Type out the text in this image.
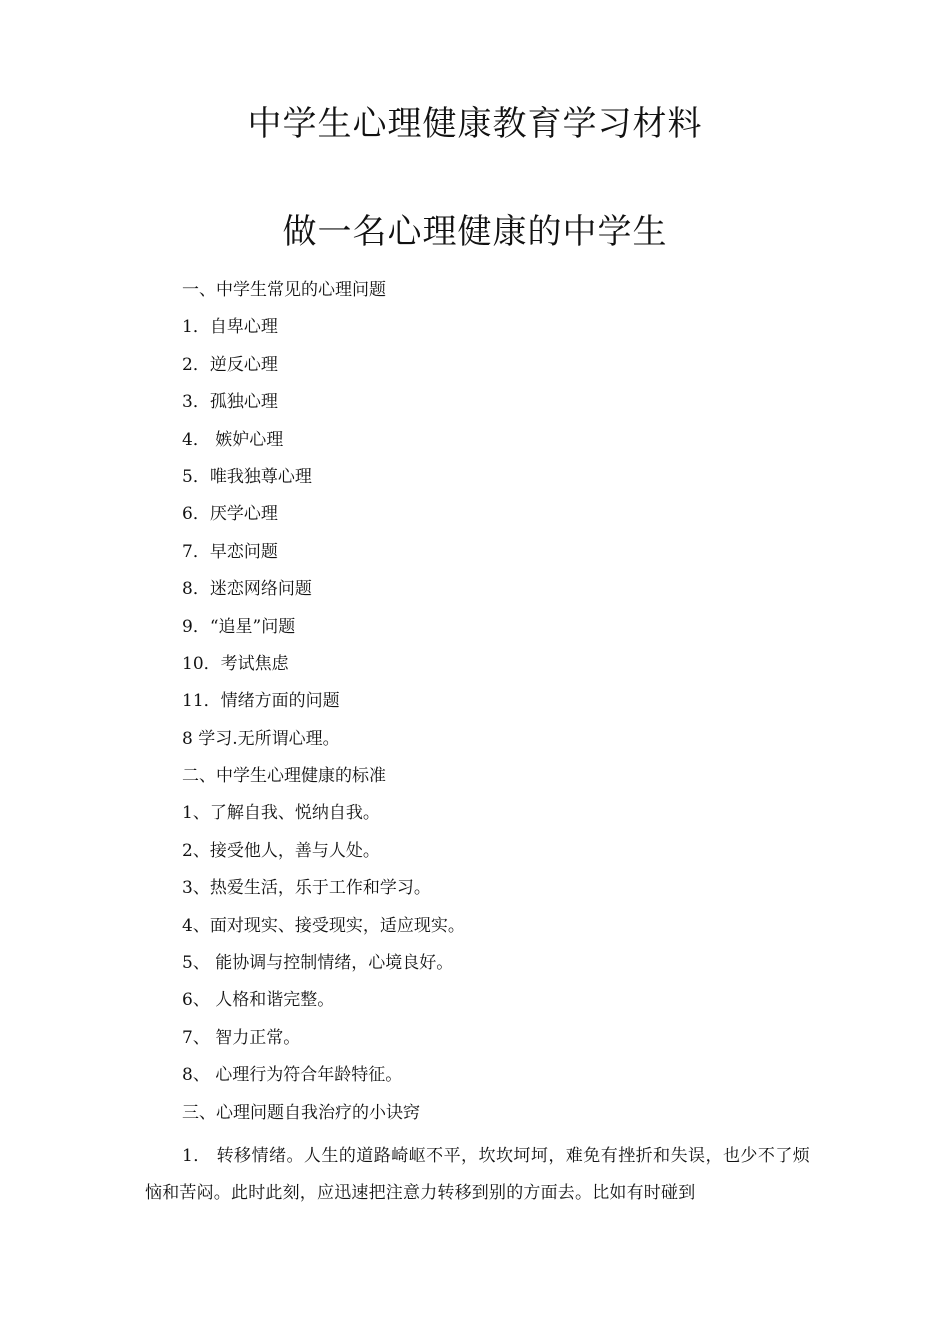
中学生心理健康教育学习材料
做一名心理健康的中学生
一、中学生常见的心理问题
1．自卑心理
2．逆反心理
3．孤独心理
4． 嫉妒心理
5．唯我独尊心理
6．厌学心理
7．早恋问题
8．迷恋网络问题
9．“追星”问题
10．考试焦虑
11．情绪方面的问题
8 学习.无所谓心理。
二、中学生心理健康的标准
1、了解自我、悦纳自我。
2、接受他人，善与人处。
3、热爱生活，乐于工作和学习。
4、面对现实、接受现实，适应现实。
5、 能协调与控制情绪，心境良好。
6、 人格和谐完整。
7、 智力正常。
8、 心理行为符合年龄特征。
三、心理问题自我治疗的小诀窍
1． 转移情绪。人生的道路崎岖不平，坎坎坷坷，难免有挫折和失误，也少不了烦恼和苦闷。此时此刻，应迅速把注意力转移到别的方面去。比如有时碰到
